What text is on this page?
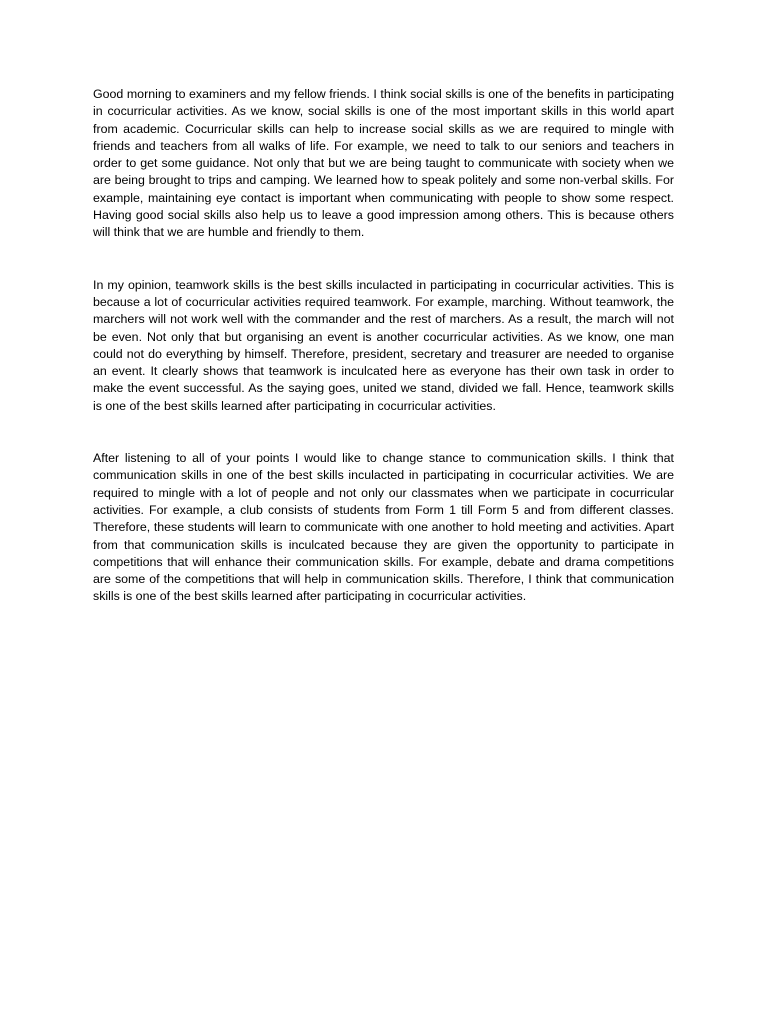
Good morning to examiners and my fellow friends. I think social skills is one of the benefits in participating in cocurricular activities. As we know, social skills is one of the most important skills in this world apart from academic. Cocurricular skills can help to increase social skills as we are required to mingle with friends and teachers from all walks of life. For example, we need to talk to our seniors and teachers in order to get some guidance. Not only that but we are being taught to communicate with society when we are being brought to trips and camping. We learned how to speak politely and some non-verbal skills. For example, maintaining eye contact is important when communicating with people to show some respect. Having good social skills also help us to leave a good impression among others. This is because others will think that we are humble and friendly to them.

In my opinion, teamwork skills is the best skills inculacted in participating in cocurricular activities. This is because a lot of cocurricular activities required teamwork. For example, marching. Without teamwork, the marchers will not work well with the commander and the rest of marchers. As a result, the march will not be even. Not only that but organising an event is another cocurricular activities. As we know, one man could not do everything by himself. Therefore, president, secretary and treasurer are needed to organise an event. It clearly shows that teamwork is inculcated here as everyone has their own task in order to make the event successful. As the saying goes, united we stand, divided we fall. Hence, teamwork skills is one of the best skills learned after participating in cocurricular activities.

After listening to all of your points I would like to change stance to communication skills. I think that communication skills in one of the best skills inculacted in participating in cocurricular activities. We are required to mingle with a lot of people and not only our classmates when we participate in cocurricular activities. For example, a club consists of students from Form 1 till Form 5 and from different classes. Therefore, these students will learn to communicate with one another to hold meeting and activities. Apart from that communication skills is inculcated because they are given the opportunity to participate in competitions that will enhance their communication skills. For example, debate and drama competitions are some of the competitions that will help in communication skills. Therefore, I think that communication skills is one of the best skills learned after participating in cocurricular activities.
